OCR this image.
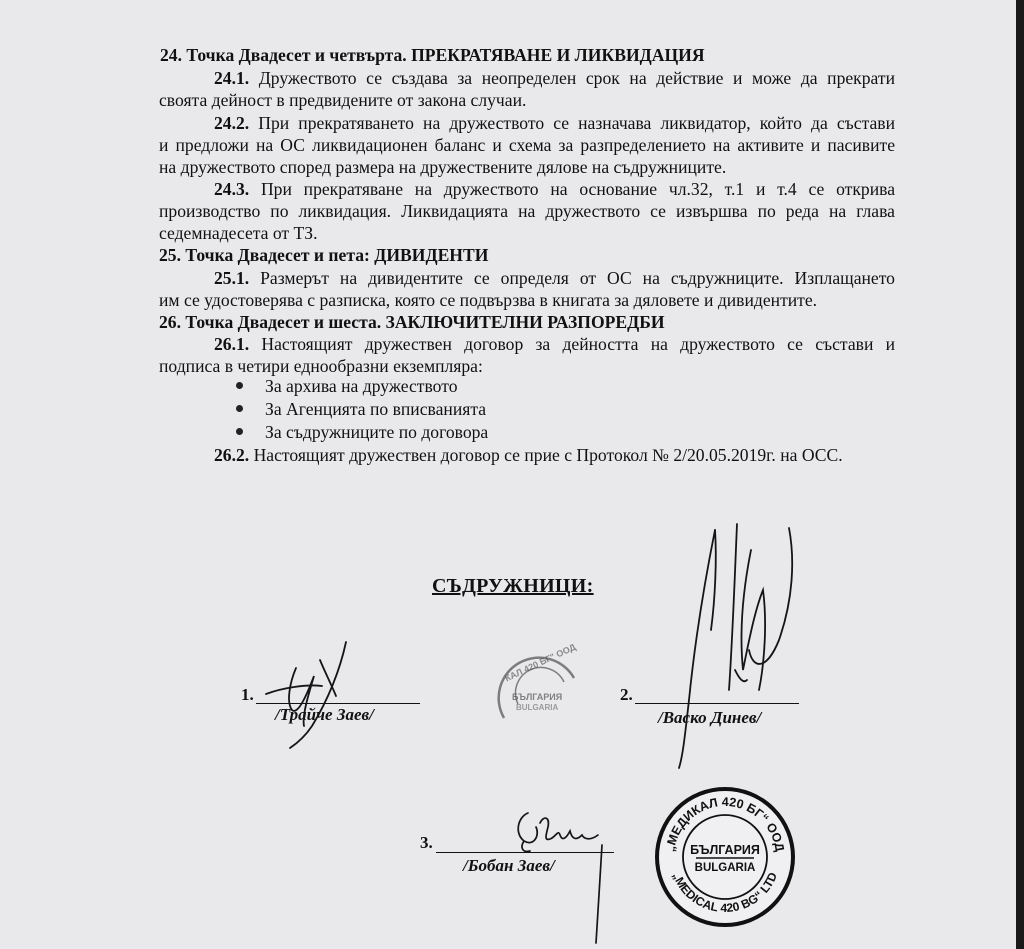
24. Точка Двадесет и четвърта. ПРЕКРАТЯВАНЕ И ЛИКВИДАЦИЯ
24.1. Дружеството се създава за неопределен срок на действие и може да прекрати
своята дейност в предвидените от закона случаи.
24.2. При прекратяването на дружеството се назначава ликвидатор, който да състави
и предложи на ОС ликвидационен баланс и схема за разпределението на активите и пасивите
на дружеството според размера на дружествените дялове на съдружниците.
24.3. При прекратяване на дружеството на основание чл.32, т.1 и т.4 се открива
производство по ликвидация. Ликвидацията на дружеството се извършва по реда на глава
седемнадесета от ТЗ.
25. Точка Двадесет и пета: ДИВИДЕНТИ
25.1. Размерът на дивидентите се определя от ОС на съдружниците. Изплащането
им се удостоверява с разписка, която се подвързва в книгата за дяловете и дивидентите.
26. Точка Двадесет и шеста. ЗАКЛЮЧИТЕЛНИ РАЗПОРЕДБИ
26.1. Настоящият дружествен договор за дейността на дружеството се състави и
подписа в четири еднообразни екземпляра:
За архива на дружеството
За Агенцията по вписванията
За съдружниците по договора
26.2. Настоящият дружествен договор се прие с Протокол № 2/20.05.2019г. на ОСС.
СЪДРУЖНИЦИ:
БЪЛГАРИЯ
BULGARIA
КАЛ 420 БГ" ООД
1.
/Трайче Заев/
2.
/Васко Динев/
3.
/Бобан Заев/
„МЕДИКАЛ 420 БГ“ ООД
„MEDICAL 420 BG“ LTD
БЪЛГАРИЯ
BULGARIA
